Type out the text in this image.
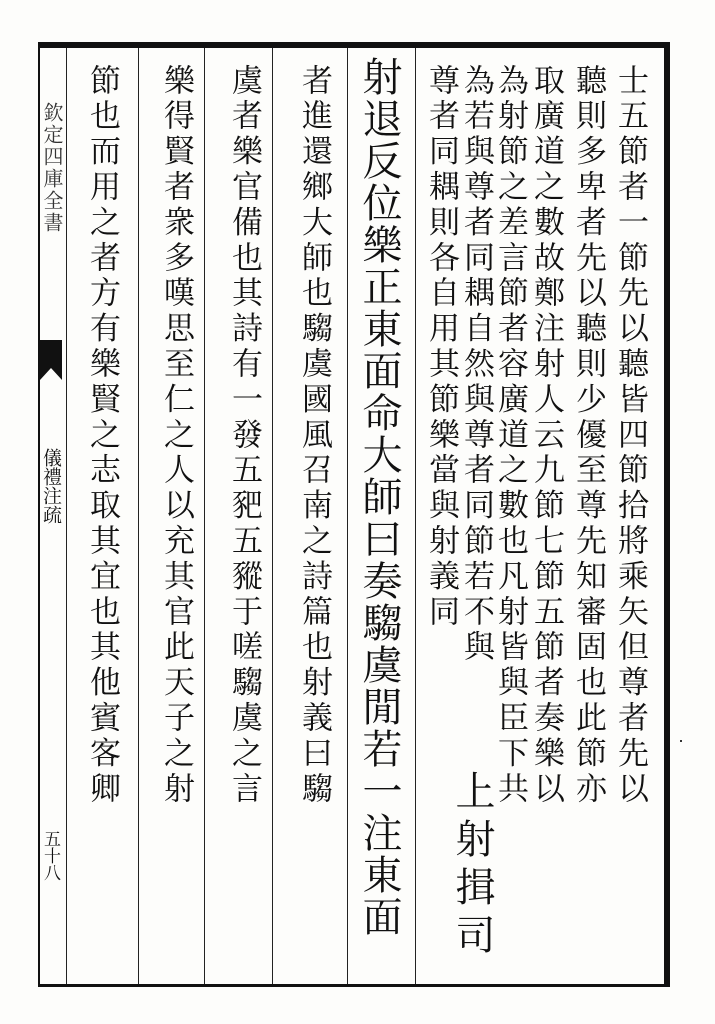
欽定四庫全書
儀禮注疏
五十八
士五節者一節先以聽皆四節拾將乘矢但尊者先以
聽則多卑者先以聽則少優至尊先知審固也此節亦
取廣道之數故鄭注射人云九節七節五節者奏樂以
為射節之差言節者容廣道之數也凡射皆與臣下共
為若與尊者同耦自然與尊者同節若不與
尊者同耦則各自用其節樂當與射義同
上射揖司
射退反位樂正東面命大師曰奏騶虞閒若一注東面
者進還鄉大師也騶虞國風召南之詩篇也射義曰騶
虞者樂官備也其詩有一發五豝五豵于嗟騶虞之言
樂得賢者衆多嘆思至仁之人以充其官此天子之射
節也而用之者方有樂賢之志取其宜也其他賓客卿
